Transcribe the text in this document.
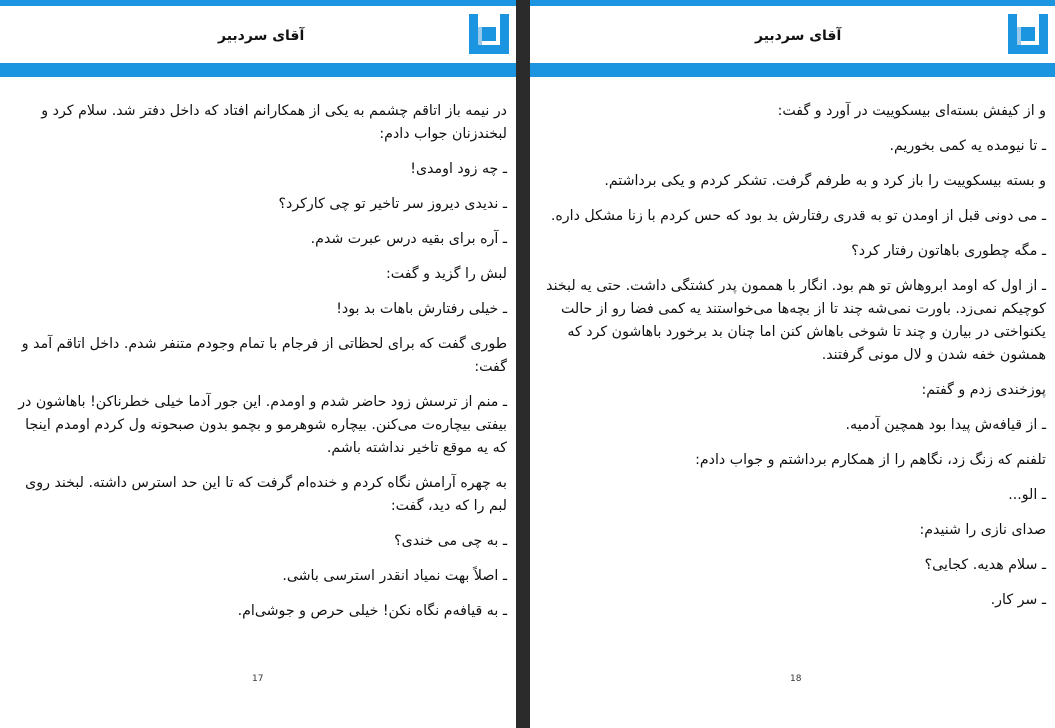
آقای سردبیر

در نیمه باز اتاقم چشمم به یکی از همکارانم افتاد که داخل دفتر شد. سلام کرد و لبخندزنان جواب دادم:

ـ چه زود اومدی!

ـ ندیدی دیروز سر تاخیر تو چی کارکرد؟

ـ آره برای بقیه درس عبرت شدم.

لبش را گزید و گفت:

ـ خیلی رفتارش باهات بد بود!

طوری گفت که برای لحظاتی از فرجام با تمام وجودم متنفر شدم. داخل اتاقم آمد و گفت:

ـ منم از ترسش زود حاضر شدم و اومدم. این جور آدما خیلی خطرناکن! باهاشون در بیفتی بیچاره‌ت می‌کنن. بیچاره شوهرمو و بچمو بدون صبحونه ول کردم اومدم اینجا که یه موقع تاخیر نداشته باشم.

به چهره آرامش نگاه کردم و خنده‌ام گرفت که تا این حد استرس داشته. لبخند روی لبم را که دید، گفت:

ـ به چی می خندی؟

ـ اصلاً بهت نمیاد انقدر استرسی باشی.

ـ به قیافه‌م نگاه نکن! خیلی حرص و جوشی‌ام.

17
آقای سردبیر

و از کیفش بسته‌ای بیسکوییت در آورد و گفت:

ـ تا نیومده یه کمی بخوریم.

و بسته بیسکوییت را باز کرد و به طرفم گرفت. تشکر کردم و یکی برداشتم.

ـ می دونی قبل از اومدن تو به قدری رفتارش بد بود که حس کردم با زنا مشکل داره.

ـ مگه چطوری باهاتون رفتار کرد؟

ـ از اول که اومد ابروهاش تو هم بود. انگار با هممون پدر کشتگی داشت. حتی یه لبخند کوچیکم نمی‌زد. باورت نمی‌شه چند تا از بچه‌ها می‌خواستند یه کمی فضا رو از حالت یکنواختی در بیارن و چند تا شوخی باهاش کنن اما چنان بد برخورد باهاشون کرد که همشون خفه شدن و لال مونی گرفتند.

پوزخندی زدم و گفتم:

ـ از قیافه‌ش پیدا بود همچین آدمیه.

تلفنم که زنگ زد، نگاهم را از همکارم برداشتم و جواب دادم:

ـ الو...

صدای نازی را شنیدم:

ـ سلام هدیه. کجایی؟

ـ سر کار.

18
